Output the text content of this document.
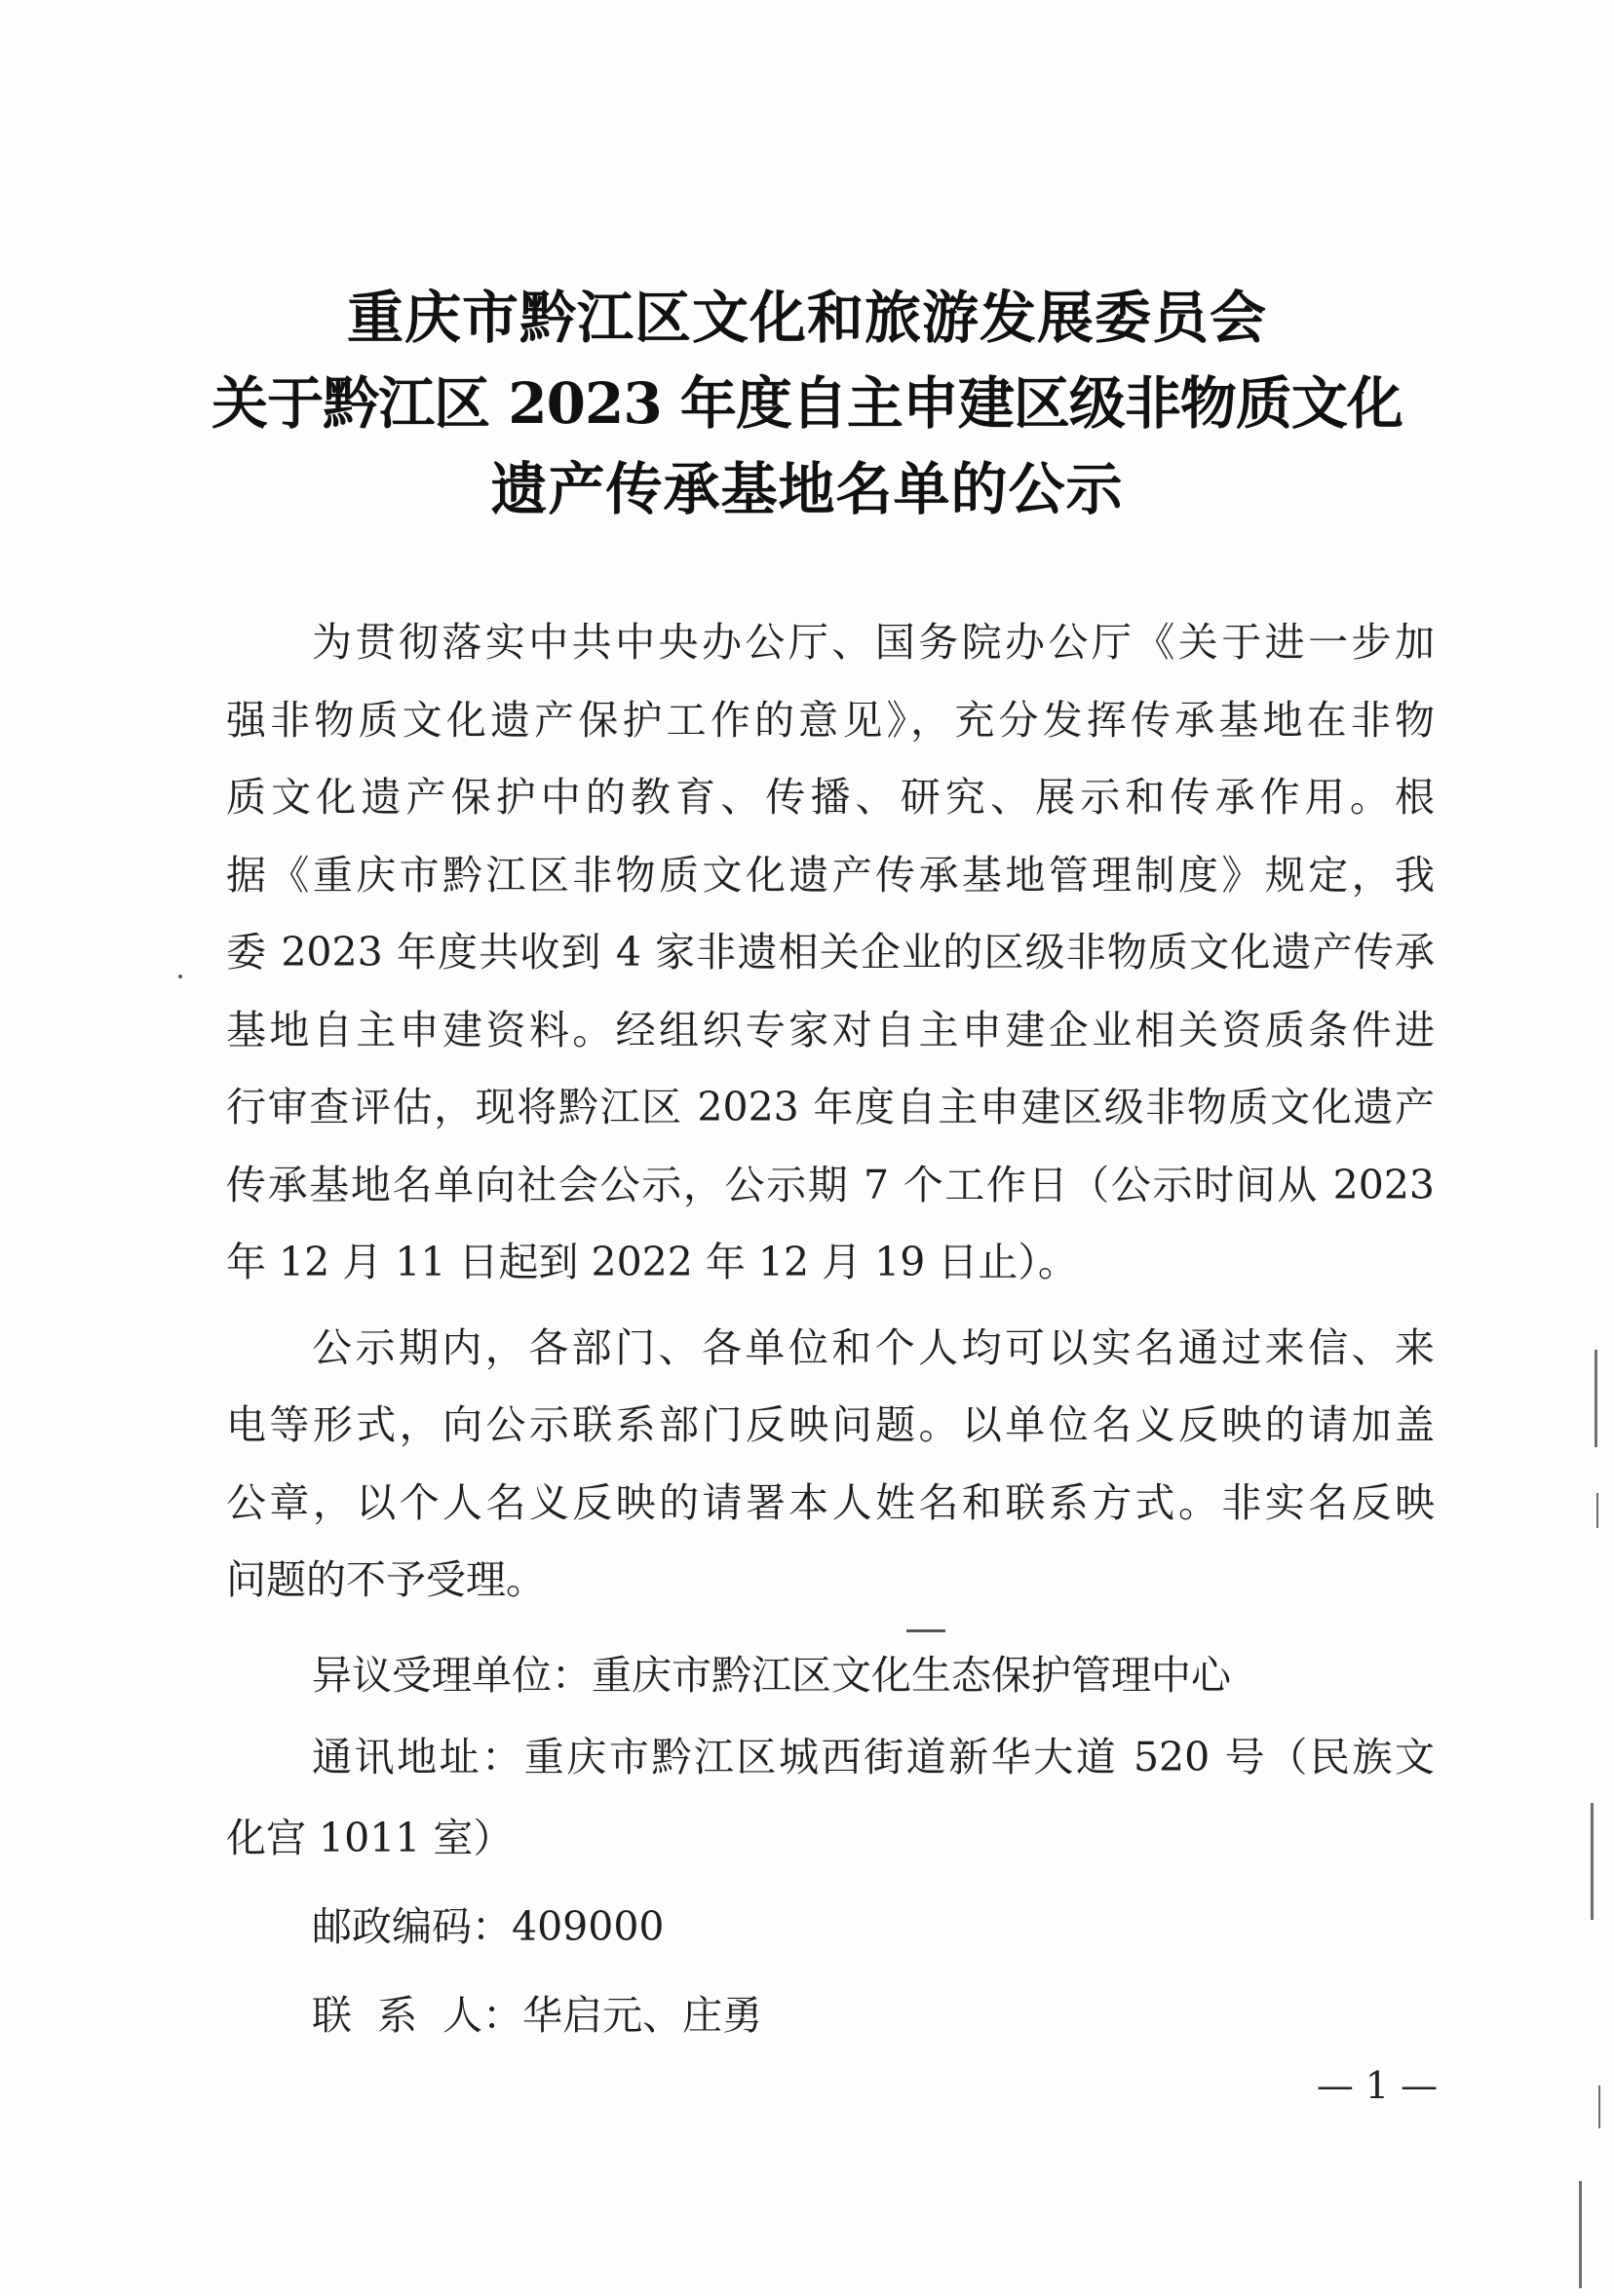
重庆市黔江区文化和旅游发展委员会
关于黔江区 2023 年度自主申建区级非物质文化
遗产传承基地名单的公示
为贯彻落实中共中央办公厅、国务院办公厅《关于进一步加
强非物质文化遗产保护工作的意见》，充分发挥传承基地在非物
质文化遗产保护中的教育、传播、研究、展示和传承作用。根
据《重庆市黔江区非物质文化遗产传承基地管理制度》规定，我
委 2023 年度共收到 4 家非遗相关企业的区级非物质文化遗产传承
基地自主申建资料。经组织专家对自主申建企业相关资质条件进
行审查评估，现将黔江区 2023 年度自主申建区级非物质文化遗产
传承基地名单向社会公示，公示期 7 个工作日（公示时间从 2023
年 12 月 11 日起到 2022 年 12 月 19 日止）。
公示期内，各部门、各单位和个人均可以实名通过来信、来
电等形式，向公示联系部门反映问题。以单位名义反映的请加盖
公章，以个人名义反映的请署本人姓名和联系方式。非实名反映
问题的不予受理。
异议受理单位：重庆市黔江区文化生态保护管理中心
通讯地址：重庆市黔江区城西街道新华大道 520 号（民族文
化宫 1011 室）
邮政编码：409000
联  系  人：华启元、庄勇
— 1 —
